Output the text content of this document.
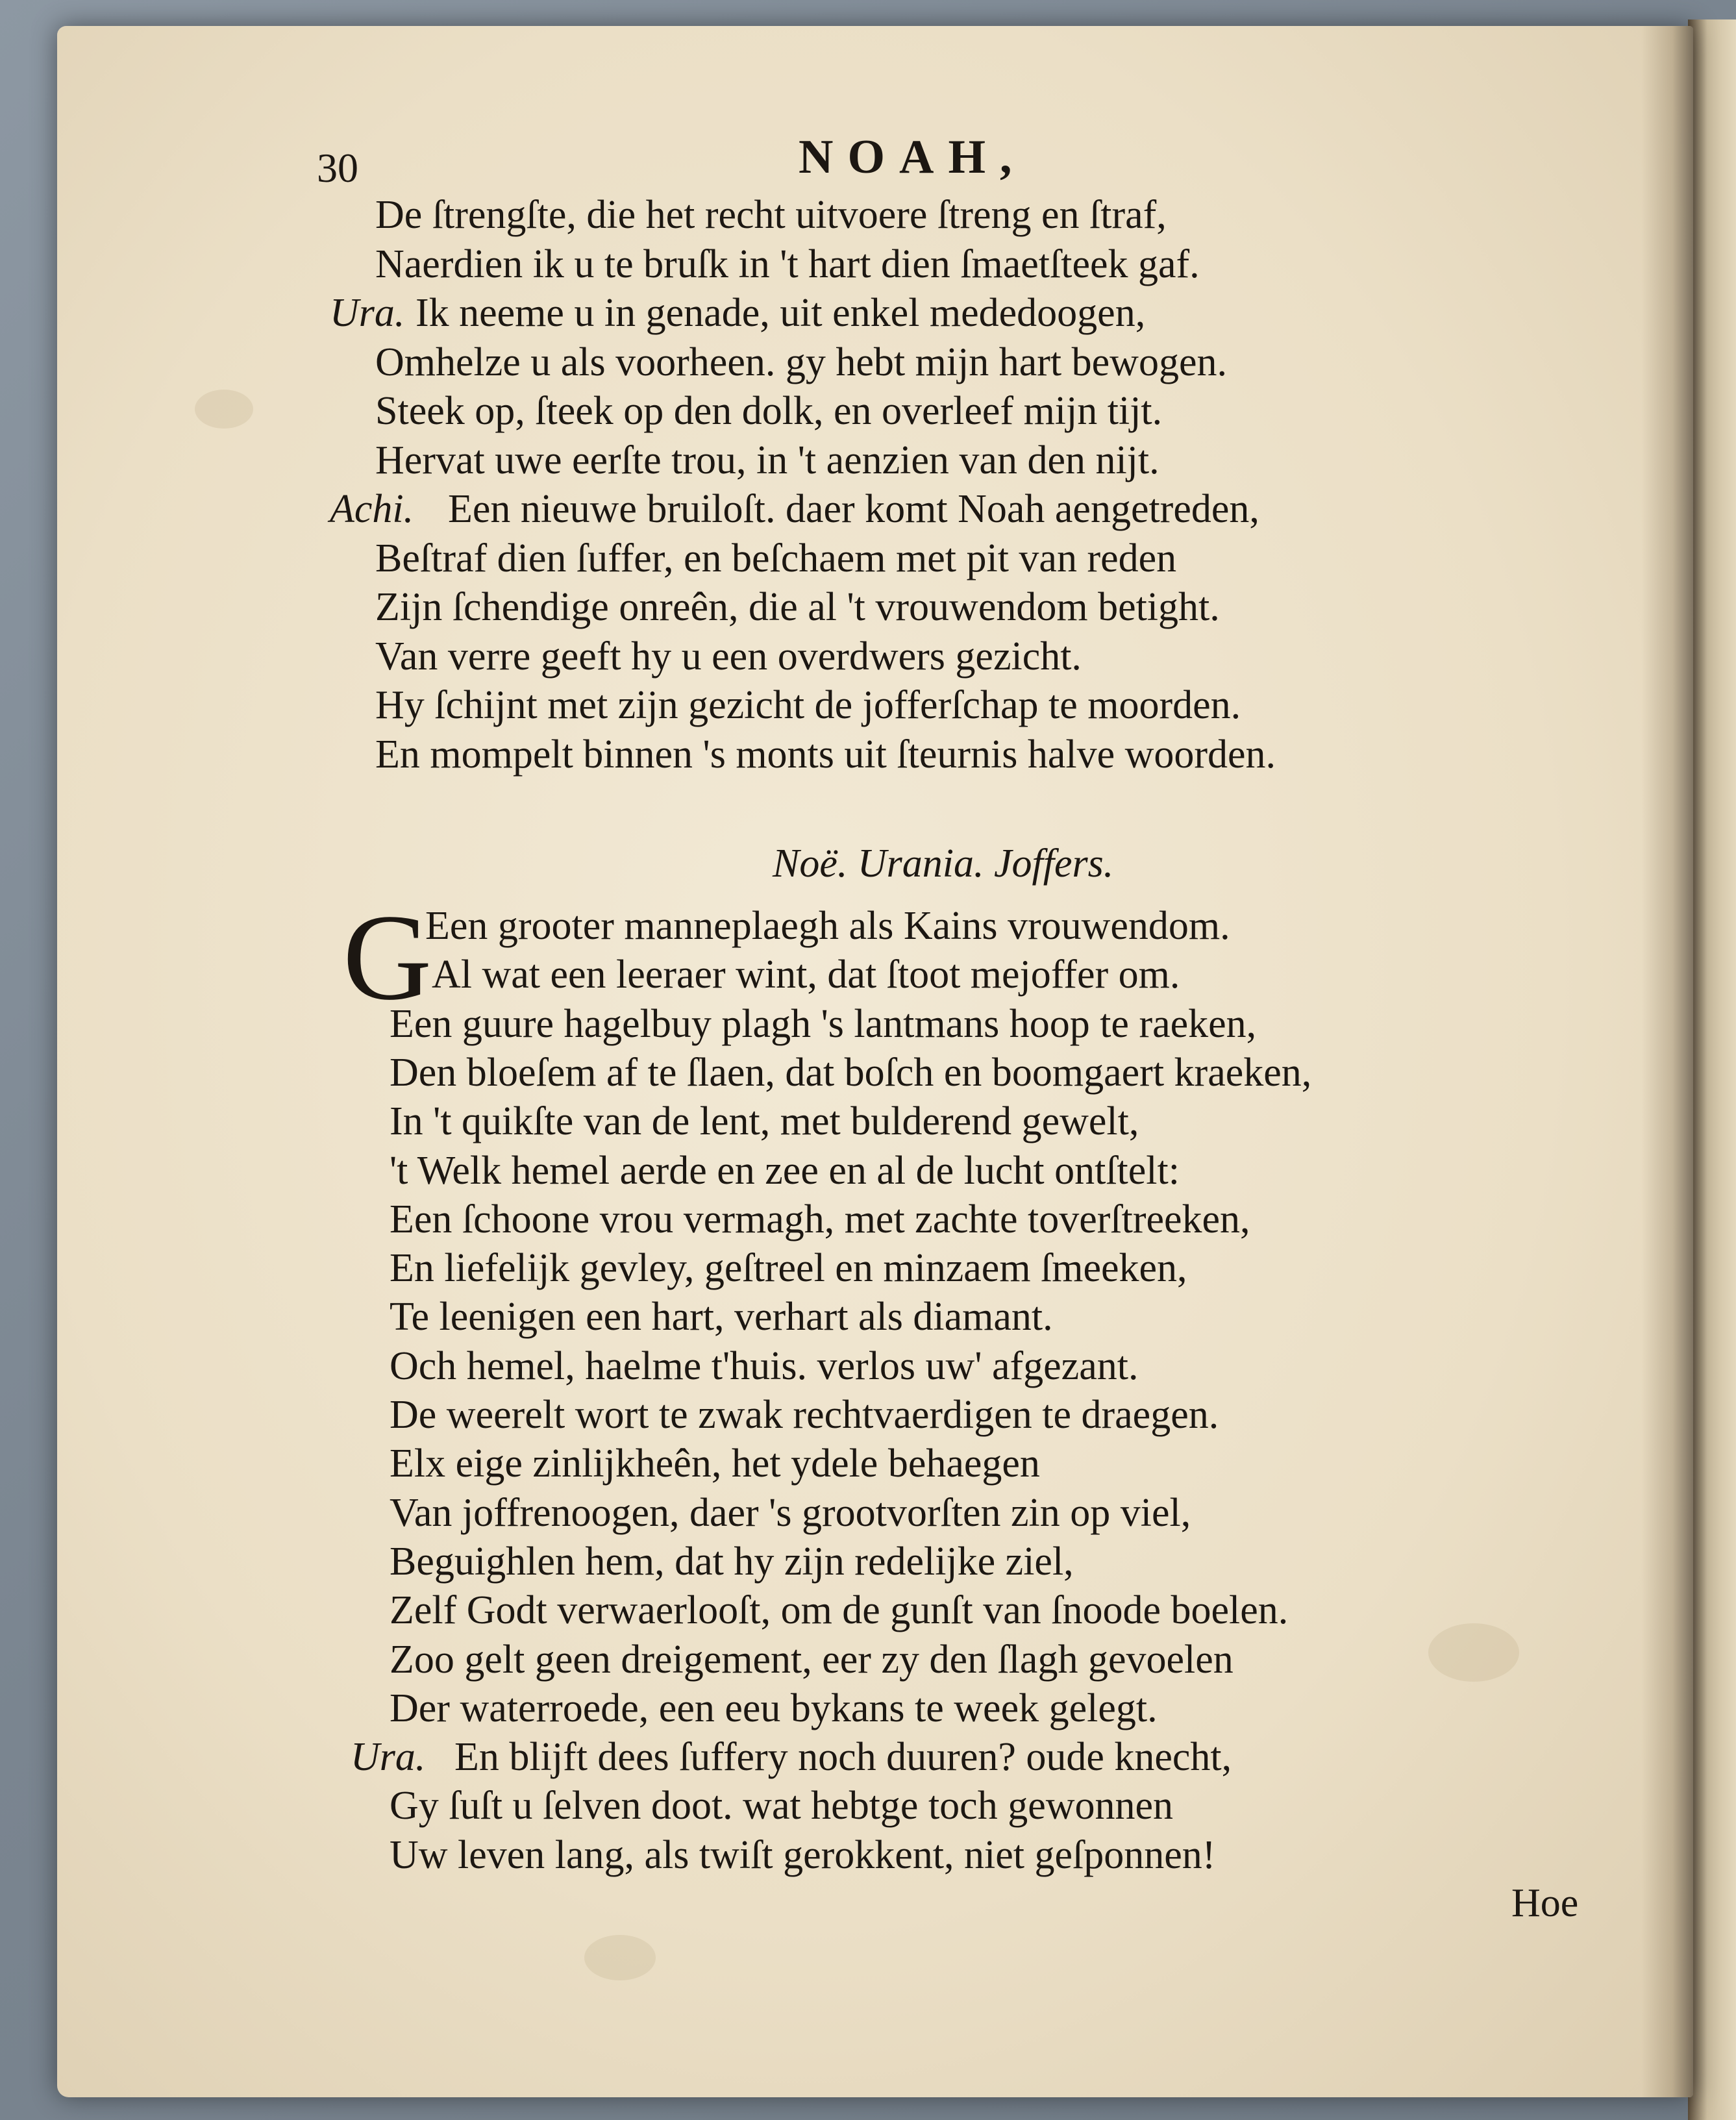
30	NOAH,
De ſtrengſte, die het recht uitvoere ſtreng en ſtraf,
Naerdien ik u te bruſk in 't hart dien ſmaetſteek gaf.
Ura. Ik neeme u in genade, uit enkel mededoogen,
Omhelze u als voorheen. gy hebt mijn hart bewogen.
Steek op, ſteek op den dolk, en overleef mijn tijt.
Hervat uwe eerſte trou, in 't aenzien van den nijt.
Achi. Een nieuwe bruiloſt. daer komt Noah aengetreden,
Beſtraf dien ſuffer, en beſchaem met pit van reden
Zijn ſchendige onreên, die al 't vrouwendom betight.
Van verre geeft hy u een overdwers gezicht.
Hy ſchijnt met zijn gezicht de jofferſchap te moorden.
En mompelt binnen 's monts uit ſteurnis halve woorden.
Noë. Urania. Joffers.
G
Een grooter manneplaegh als Kains vrouwendom.
Al wat een leeraer wint, dat ſtoot mejoffer om.
Een guure hagelbuy plagh 's lantmans hoop te raeken,
Den bloeſem af te ſlaen, dat boſch en boomgaert kraeken,
In 't quikſte van de lent, met bulderend gewelt,
't Welk hemel aerde en zee en al de lucht ontſtelt:
Een ſchoone vrou vermagh, met zachte toverſtreeken,
En liefelijk gevley, geſtreel en minzaem ſmeeken,
Te leenigen een hart, verhart als diamant.
Och hemel, haelme t'huis. verlos uw' afgezant.
De weerelt wort te zwak rechtvaerdigen te draegen.
Elx eige zinlijkheên, het ydele behaegen
Van joffrenoogen, daer 's grootvorſten zin op viel,
Beguighlen hem, dat hy zijn redelijke ziel,
Zelf Godt verwaerlooſt, om de gunſt van ſnoode boelen.
Zoo gelt geen dreigement, eer zy den ſlagh gevoelen
Der waterroede, een eeu bykans te week gelegt.
Ura. En blijft dees ſuffery noch duuren? oude knecht,
Gy ſuſt u ſelven doot. wat hebtge toch gewonnen
Uw leven lang, als twiſt gerokkent, niet geſponnen!
Hoe
